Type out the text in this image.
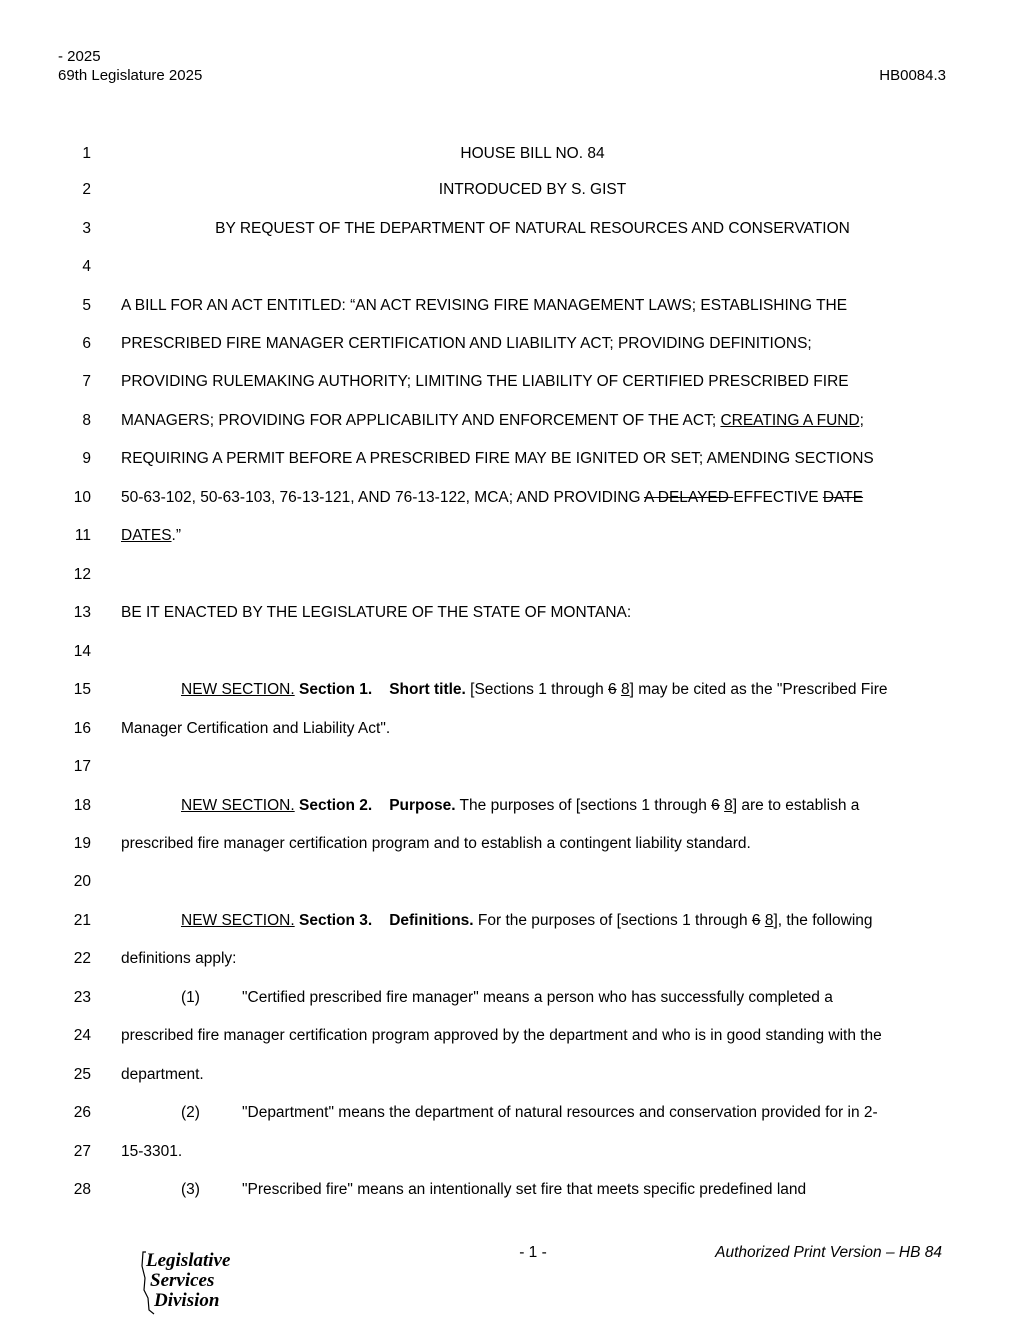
- 2025
69th Legislature 2025	HB0084.3
1	HOUSE BILL NO. 84
2	INTRODUCED BY S. GIST
3	BY REQUEST OF THE DEPARTMENT OF NATURAL RESOURCES AND CONSERVATION
4
5 A BILL FOR AN ACT ENTITLED: “AN ACT REVISING FIRE MANAGEMENT LAWS; ESTABLISHING THE
6 PRESCRIBED FIRE MANAGER CERTIFICATION AND LIABILITY ACT; PROVIDING DEFINITIONS;
7 PROVIDING RULEMAKING AUTHORITY; LIMITING THE LIABILITY OF CERTIFIED PRESCRIBED FIRE
8 MANAGERS; PROVIDING FOR APPLICABILITY AND ENFORCEMENT OF THE ACT; CREATING A FUND;
9 REQUIRING A PERMIT BEFORE A PRESCRIBED FIRE MAY BE IGNITED OR SET; AMENDING SECTIONS
10 50-63-102, 50-63-103, 76-13-121, AND 76-13-122, MCA; AND PROVIDING A DELAYED EFFECTIVE DATE
11 DATES.”
12
13 BE IT ENACTED BY THE LEGISLATURE OF THE STATE OF MONTANA:
14
15	NEW SECTION. Section 1. Short title. [Sections 1 through 6 8] may be cited as the "Prescribed Fire
16 Manager Certification and Liability Act".
17
18	NEW SECTION. Section 2. Purpose. The purposes of [sections 1 through 6 8] are to establish a
19 prescribed fire manager certification program and to establish a contingent liability standard.
20
21	NEW SECTION. Section 3. Definitions. For the purposes of [sections 1 through 6 8], the following
22 definitions apply:
23	(1)	"Certified prescribed fire manager" means a person who has successfully completed a
24 prescribed fire manager certification program approved by the department and who is in good standing with the
25 department.
26	(2)	"Department" means the department of natural resources and conservation provided for in 2-
27 15-3301.
28	(3)	"Prescribed fire" means an intentionally set fire that meets specific predefined land
- 1 -	Authorized Print Version – HB 84
Legislative
Services
Division
